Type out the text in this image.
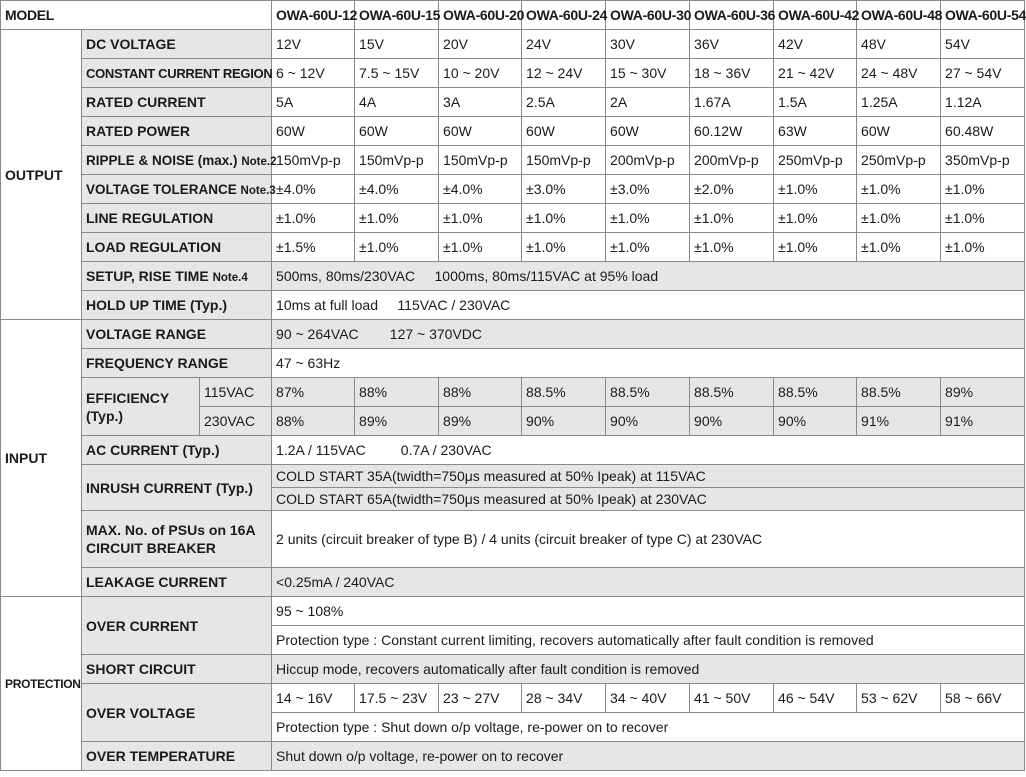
MODEL			OWA-60U-12	OWA-60U-15	OWA-60U-20	OWA-60U-24	OWA-60U-30	OWA-60U-36	OWA-60U-42	OWA-60U-48	OWA-60U-54
OUTPUT	DC VOLTAGE		12V	15V	20V	24V	30V	36V	42V	48V	54V
	CONSTANT CURRENT REGION		6 ~ 12V	7.5 ~ 15V	10 ~ 20V	12 ~ 24V	15 ~ 30V	18 ~ 36V	21 ~ 42V	24 ~ 48V	27 ~ 54V
	RATED CURRENT		5A	4A	3A	2.5A	2A	1.67A	1.5A	1.25A	1.12A
	RATED POWER		60W	60W	60W	60W	60W	60.12W	63W	60W	60.48W
	RIPPLE & NOISE (max.) Note.2		150mVp-p	150mVp-p	150mVp-p	150mVp-p	200mVp-p	200mVp-p	250mVp-p	250mVp-p	350mVp-p
	VOLTAGE TOLERANCE Note.3		±4.0%	±4.0%	±4.0%	±3.0%	±3.0%	±2.0%	±1.0%	±1.0%	±1.0%
	LINE REGULATION		±1.0%	±1.0%	±1.0%	±1.0%	±1.0%	±1.0%	±1.0%	±1.0%	±1.0%
	LOAD REGULATION		±1.5%	±1.0%	±1.0%	±1.0%	±1.0%	±1.0%	±1.0%	±1.0%	±1.0%
	SETUP, RISE TIME Note.4		500ms, 80ms/230VAC     1000ms, 80ms/115VAC at 95% load								
	HOLD UP TIME (Typ.)		10ms at full load     115VAC / 230VAC								
INPUT	VOLTAGE RANGE		90 ~ 264VAC        127 ~ 370VDC								
	FREQUENCY RANGE		47 ~ 63Hz								
	EFFICIENCY
(Typ.)	115VAC	87%	88%	88%	88.5%	88.5%	88.5%	88.5%	88.5%	89%
		230VAC	88%	89%	89%	90%	90%	90%	90%	91%	91%
	AC CURRENT (Typ.)		1.2A / 115VAC         0.7A / 230VAC								
	INRUSH CURRENT (Typ.)		COLD START 35A(twidth=750μs measured at 50% Ipeak) at 115VAC								
			COLD START 65A(twidth=750μs measured at 50% Ipeak) at 230VAC								
	MAX. No. of PSUs on 16A
CIRCUIT BREAKER		2 units (circuit breaker of type B) / 4 units (circuit breaker of type C) at 230VAC								
	LEAKAGE CURRENT		<0.25mA / 240VAC								
PROTECTION	OVER CURRENT		95 ~ 108%								
			Protection type : Constant current limiting, recovers automatically after fault condition is removed								
	SHORT CIRCUIT		Hiccup mode, recovers automatically after fault condition is removed								
	OVER VOLTAGE		14 ~ 16V	17.5 ~ 23V	23 ~ 27V	28 ~ 34V	34 ~ 40V	41 ~ 50V	46 ~ 54V	53 ~ 62V	58 ~ 66V
			Protection type : Shut down o/p voltage, re-power on to recover								
	OVER TEMPERATURE		Shut down o/p voltage, re-power on to recover								
